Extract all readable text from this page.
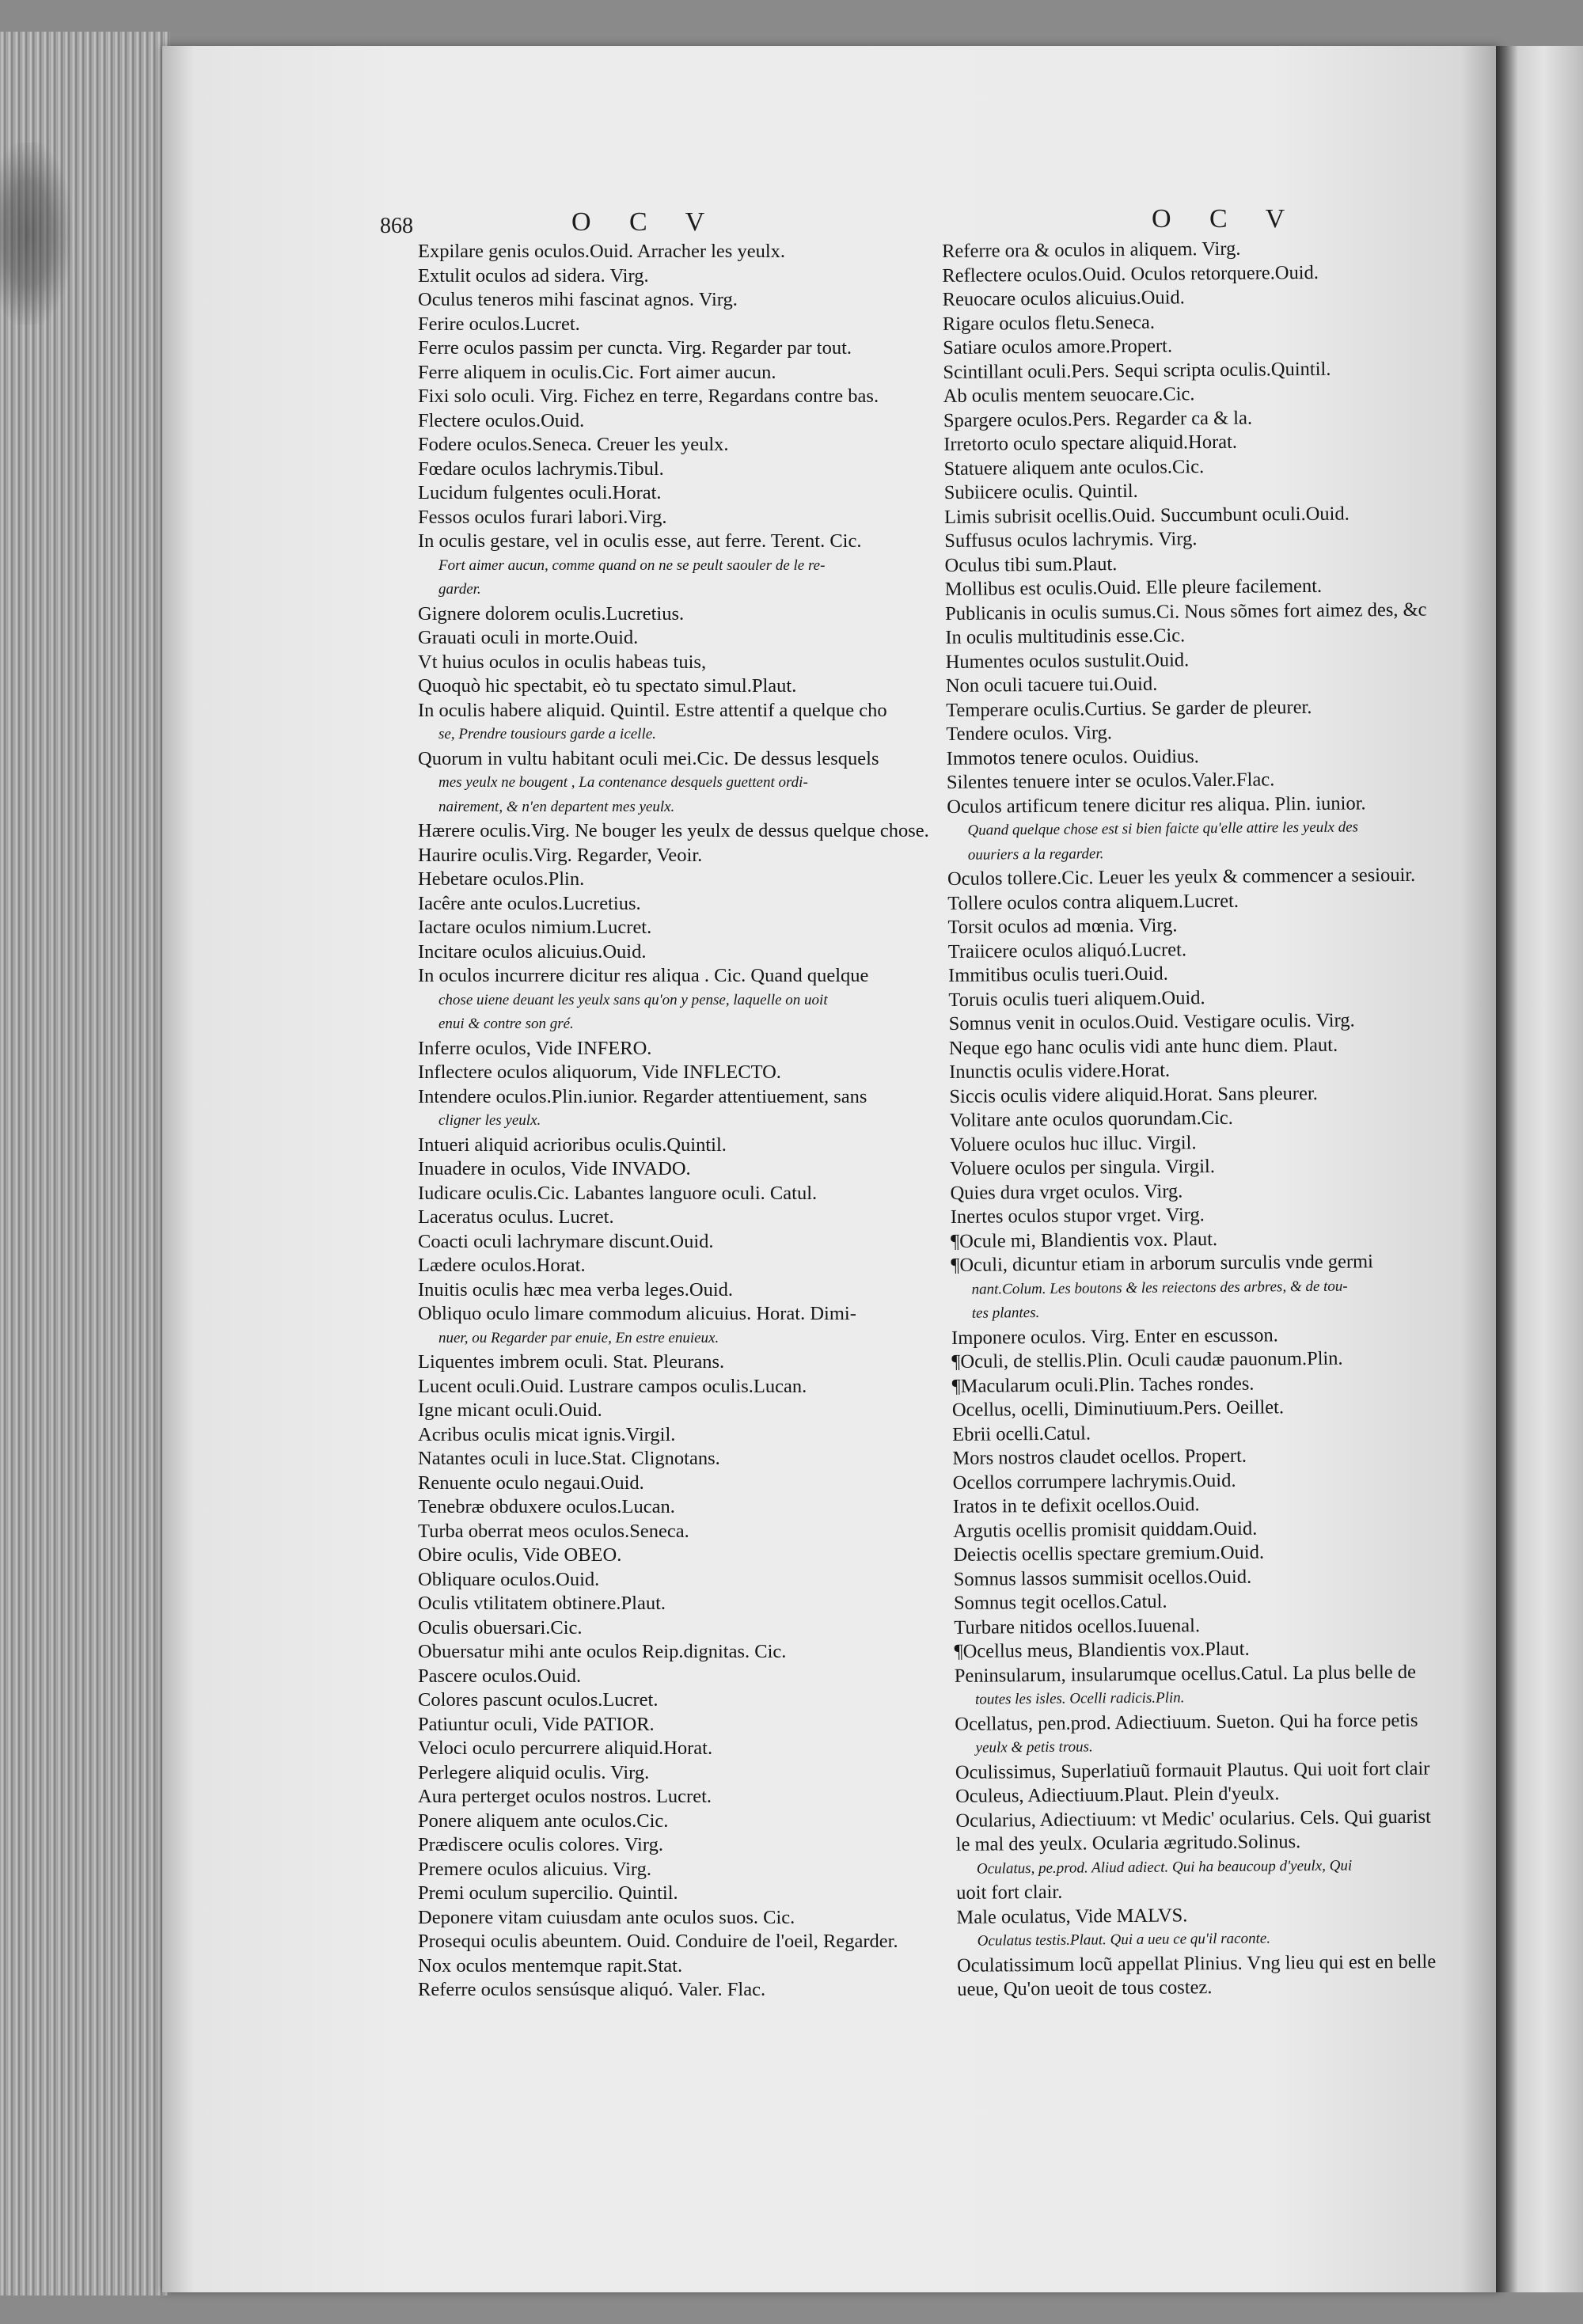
868	O C V	O C V
Expilare genis oculos.Ouid. Arracher les yeulx.
Extulit oculos ad sidera. Virg.
Oculus teneros mihi fascinat agnos. Virg.
Ferire oculos.Lucret.
Ferre oculos passim per cuncta. Virg. Regarder par tout.
Ferre aliquem in oculis.Cic. Fort aimer aucun.
Fixi solo oculi. Virg. Fichez en terre, Regardans contre bas.
Flectere oculos.Ouid.
Fodere oculos.Seneca. Creuer les yeulx.
Fœdare oculos lachrymis.Tibul.
Lucidum fulgentes oculi.Horat.
Fessos oculos furari labori.Virg.
In oculis gestare, vel in oculis esse, aut ferre. Terent. Cic.
Fort aimer aucun, comme quand on ne se peult saouler de le re-
garder.
Gignere dolorem oculis.Lucretius.
Grauati oculi in morte.Ouid.
Vt huius oculos in oculis habeas tuis,
Quoquò hic spectabit, eò tu spectato simul.Plaut.
In oculis habere aliquid. Quintil. Estre attentif a quelque cho
se, Prendre tousiours garde a icelle.
Quorum in vultu habitant oculi mei.Cic. De dessus lesquels
mes yeulx ne bougent , La contenance desquels guettent ordi-
nairement, & n'en departent mes yeulx.
Hærere oculis.Virg. Ne bouger les yeulx de dessus quelque chose.
Haurire oculis.Virg. Regarder, Veoir.
Hebetare oculos.Plin.
Iacêre ante oculos.Lucretius.
Iactare oculos nimium.Lucret.
Incitare oculos alicuius.Ouid.
In oculos incurrere dicitur res aliqua . Cic. Quand quelque
chose uiene deuant les yeulx sans qu'on y pense, laquelle on uoit
enui & contre son gré.
Inferre oculos, Vide INFERO.
Inflectere oculos aliquorum, Vide INFLECTO.
Intendere oculos.Plin.iunior. Regarder attentiuement, sans
cligner les yeulx.
Intueri aliquid acrioribus oculis.Quintil.
Inuadere in oculos, Vide INVADO.
Iudicare oculis.Cic. Labantes languore oculi. Catul.
Laceratus oculus. Lucret.
Coacti oculi lachrymare discunt.Ouid.
Lædere oculos.Horat.
Inuitis oculis hæc mea verba leges.Ouid.
Obliquo oculo limare commodum alicuius. Horat. Dimi-
nuer, ou Regarder par enuie, En estre enuieux.
Liquentes imbrem oculi. Stat. Pleurans.
Lucent oculi.Ouid. Lustrare campos oculis.Lucan.
Igne micant oculi.Ouid.
Acribus oculis micat ignis.Virgil.
Natantes oculi in luce.Stat. Clignotans.
Renuente oculo negaui.Ouid.
Tenebræ obduxere oculos.Lucan.
Turba oberrat meos oculos.Seneca.
Obire oculis, Vide OBEO.
Obliquare oculos.Ouid.
Oculis vtilitatem obtinere.Plaut.
Oculis obuersari.Cic.
Obuersatur mihi ante oculos Reip.dignitas. Cic.
Pascere oculos.Ouid.
Colores pascunt oculos.Lucret.
Patiuntur oculi, Vide PATIOR.
Veloci oculo percurrere aliquid.Horat.
Perlegere aliquid oculis. Virg.
Aura perterget oculos nostros. Lucret.
Ponere aliquem ante oculos.Cic.
Prædiscere oculis colores. Virg.
Premere oculos alicuius. Virg.
Premi oculum supercilio. Quintil.
Deponere vitam cuiusdam ante oculos suos. Cic.
Prosequi oculis abeuntem. Ouid. Conduire de l'oeil, Regarder.
Nox oculos mentemque rapit.Stat.
Referre oculos sensúsque aliquó. Valer. Flac.
Referre ora & oculos in aliquem. Virg.
Reflectere oculos.Ouid. Oculos retorquere.Ouid.
Reuocare oculos alicuius.Ouid.
Rigare oculos fletu.Seneca.
Satiare oculos amore.Propert.
Scintillant oculi.Pers. Sequi scripta oculis.Quintil.
Ab oculis mentem seuocare.Cic.
Spargere oculos.Pers. Regarder ca & la.
Irretorto oculo spectare aliquid.Horat.
Statuere aliquem ante oculos.Cic.
Subiicere oculis. Quintil.
Limis subrisit ocellis.Ouid. Succumbunt oculi.Ouid.
Suffusus oculos lachrymis. Virg.
Oculus tibi sum.Plaut.
Mollibus est oculis.Ouid. Elle pleure facilement.
Publicanis in oculis sumus.Ci. Nous sõmes fort aimez des, &c
In oculis multitudinis esse.Cic.
Humentes oculos sustulit.Ouid.
Non oculi tacuere tui.Ouid.
Temperare oculis.Curtius. Se garder de pleurer.
Tendere oculos. Virg.
Immotos tenere oculos. Ouidius.
Silentes tenuere inter se oculos.Valer.Flac.
Oculos artificum tenere dicitur res aliqua. Plin. iunior.
Quand quelque chose est si bien faicte qu'elle attire les yeulx des
ouuriers a la regarder.
Oculos tollere.Cic. Leuer les yeulx & commencer a sesiouir.
Tollere oculos contra aliquem.Lucret.
Torsit oculos ad mœnia. Virg.
Traiicere oculos aliquó.Lucret.
Immitibus oculis tueri.Ouid.
Toruis oculis tueri aliquem.Ouid.
Somnus venit in oculos.Ouid. Vestigare oculis. Virg.
Neque ego hanc oculis vidi ante hunc diem. Plaut.
Inunctis oculis videre.Horat.
Siccis oculis videre aliquid.Horat. Sans pleurer.
Volitare ante oculos quorundam.Cic.
Voluere oculos huc illuc. Virgil.
Voluere oculos per singula. Virgil.
Quies dura vrget oculos. Virg.
Inertes oculos stupor vrget. Virg.
¶Ocule mi, Blandientis vox. Plaut.
¶Oculi, dicuntur etiam in arborum surculis vnde germi
nant.Colum. Les boutons & les reiectons des arbres, & de tou-
tes plantes.
Imponere oculos. Virg. Enter en escusson.
¶Oculi, de stellis.Plin. Oculi caudæ pauonum.Plin.
¶Macularum oculi.Plin. Taches rondes.
Ocellus, ocelli, Diminutiuum.Pers. Oeillet.
Ebrii ocelli.Catul.
Mors nostros claudet ocellos. Propert.
Ocellos corrumpere lachrymis.Ouid.
Iratos in te defixit ocellos.Ouid.
Argutis ocellis promisit quiddam.Ouid.
Deiectis ocellis spectare gremium.Ouid.
Somnus lassos summisit ocellos.Ouid.
Somnus tegit ocellos.Catul.
Turbare nitidos ocellos.Iuuenal.
¶Ocellus meus, Blandientis vox.Plaut.
Peninsularum, insularumque ocellus.Catul. La plus belle de
toutes les isles. Ocelli radicis.Plin.
Ocellatus, pen.prod. Adiectiuum. Sueton. Qui ha force petis
yeulx & petis trous.
Oculissimus, Superlatiuũ formauit Plautus. Qui uoit fort clair
Oculeus, Adiectiuum.Plaut. Plein d'yeulx.
Ocularius, Adiectiuum: vt Medic' ocularius. Cels. Qui guarist
le mal des yeulx. Ocularia ægritudo.Solinus.
Oculatus, pe.prod. Aliud adiect. Qui ha beaucoup d'yeulx, Qui
uoit fort clair.
Male oculatus, Vide MALVS.
Oculatus testis.Plaut. Qui a ueu ce qu'il raconte.
Oculatissimum locũ appellat Plinius. Vng lieu qui est en belle
ueue, Qu'on ueoit de tous costez.
